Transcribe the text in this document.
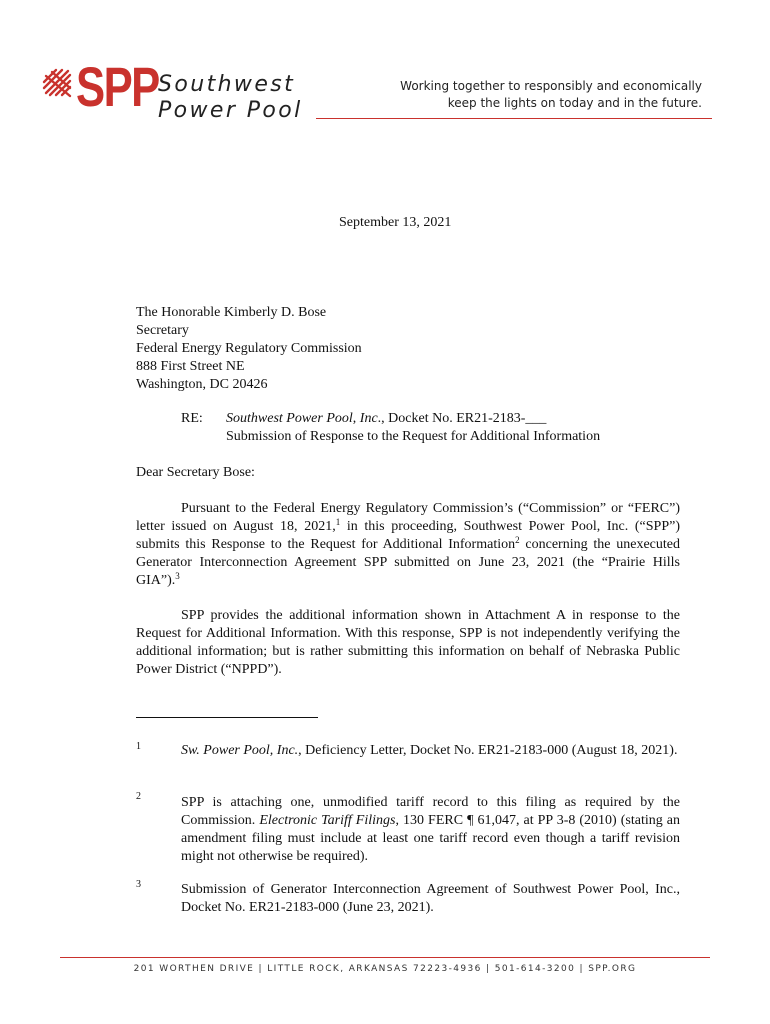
SPP Southwest
Power Pool
Working together to responsibly and economically
keep the lights on today and in the future.
September 13, 2021
The Honorable Kimberly D. Bose
Secretary
Federal Energy Regulatory Commission
888 First Street NE
Washington, DC 20426
RE: Southwest Power Pool, Inc., Docket No. ER21-2183-___
Submission of Response to the Request for Additional Information
Dear Secretary Bose:

Pursuant to the Federal Energy Regulatory Commission’s (“Commission” or “FERC”) letter issued on August 18, 2021,$^1$ in this proceeding, Southwest Power Pool, Inc. (“SPP”) submits this Response to the Request for Additional Information$^2$ concerning the unexecuted Generator Interconnection Agreement SPP submitted on June 23, 2021 (the “Prairie Hills GIA”).$^3$

SPP provides the additional information shown in Attachment A in response to the Request for Additional Information. With this response, SPP is not independently verifying the additional information; but is rather submitting this information on behalf of Nebraska Public Power District (“NPPD”).

1	Sw. Power Pool, Inc., Deficiency Letter, Docket No. ER21-2183-000 (August 18, 2021).
2	SPP is attaching one, unmodified tariff record to this filing as required by the Commission. Electronic Tariff Filings, 130 FERC ¶ 61,047, at PP 3-8 (2010) (stating an amendment filing must include at least one tariff record even though a tariff revision might not otherwise be required).
3	Submission of Generator Interconnection Agreement of Southwest Power Pool, Inc., Docket No. ER21-2183-000 (June 23, 2021).
201 WORTHEN DRIVE | LITTLE ROCK, ARKANSAS 72223-4936 | 501-614-3200 | SPP.ORG
